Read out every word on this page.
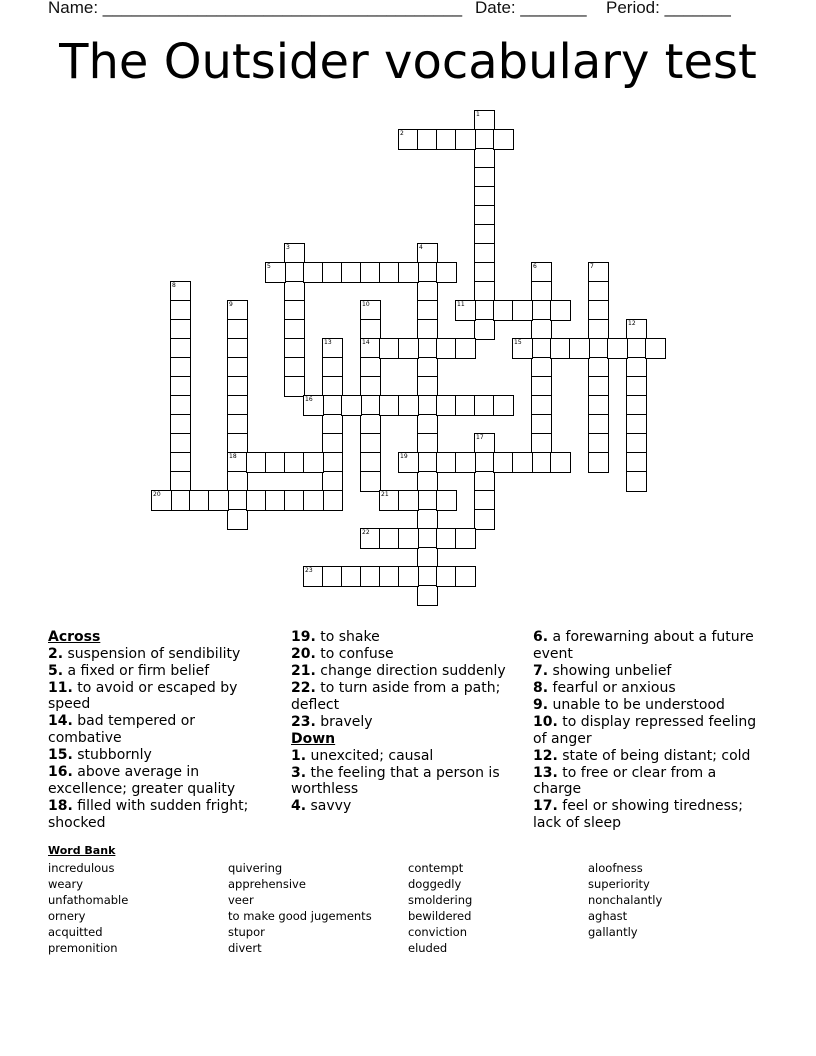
Name: ______________________________________ Date: _______ Period: _______
The Outsider vocabulary test
1
2
3	4
5	6	7
8
9
18
10
14
11
12
13	15
16
17
19
20	21
22
23
Across
2. suspension of sendibility
5. a fixed or firm belief
11. to avoid or escaped by speed
14. bad tempered or combative
15. stubbornly
16. above average in excellence; greater quality
18. filled with sudden fright; shocked
19. to shake
20. to confuse
21. change direction suddenly
22. to turn aside from a path; deflect
23. bravely
Down
1. unexcited; causal
3. the feeling that a person is worthless
4. savvy
6. a forewarning about a future event
7. showing unbelief
8. fearful or anxious
9. unable to be understood
10. to display repressed feeling of anger
12. state of being distant; cold
13. to free or clear from a charge
17. feel or showing tiredness; lack of sleep
Word Bank
incredulous
weary
unfathomable
ornery
acquitted
premonition
quivering
apprehensive
veer
to make good jugements
stupor
divert
contempt
doggedly
smoldering
bewildered
conviction
eluded
aloofness
superiority
nonchalantly
aghast
gallantly
